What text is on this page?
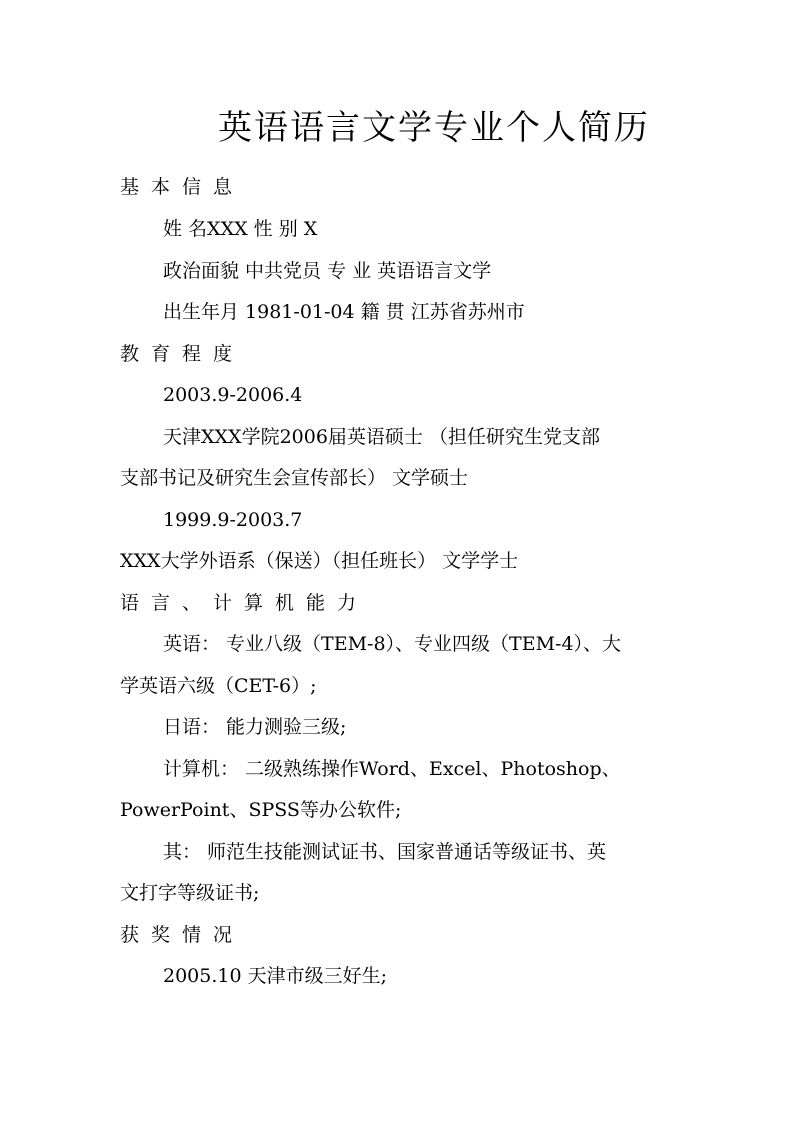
英语语言文学专业个人简历
基本信息
姓 名XXX 性 别 X
政治面貌 中共党员 专 业 英语语言文学
出生年月 1981-01-04 籍 贯 江苏省苏州市
教育程度
2003.9-2006.4
天津XXX学院2006届英语硕士 （担任研究生党支部
支部书记及研究生会宣传部长） 文学硕士
1999.9-2003.7
XXX大学外语系（保送）（担任班长） 文学学士
语言、计算机能力
英语： 专业八级（TEM-8）、专业四级（TEM-4）、大
学英语六级（CET-6）;
日语： 能力测验三级;
计算机： 二级熟练操作Word、Excel、Photoshop、
PowerPoint、SPSS等办公软件;
其： 师范生技能测试证书、国家普通话等级证书、英
文打字等级证书;
获奖情况
2005.10 天津市级三好生;
